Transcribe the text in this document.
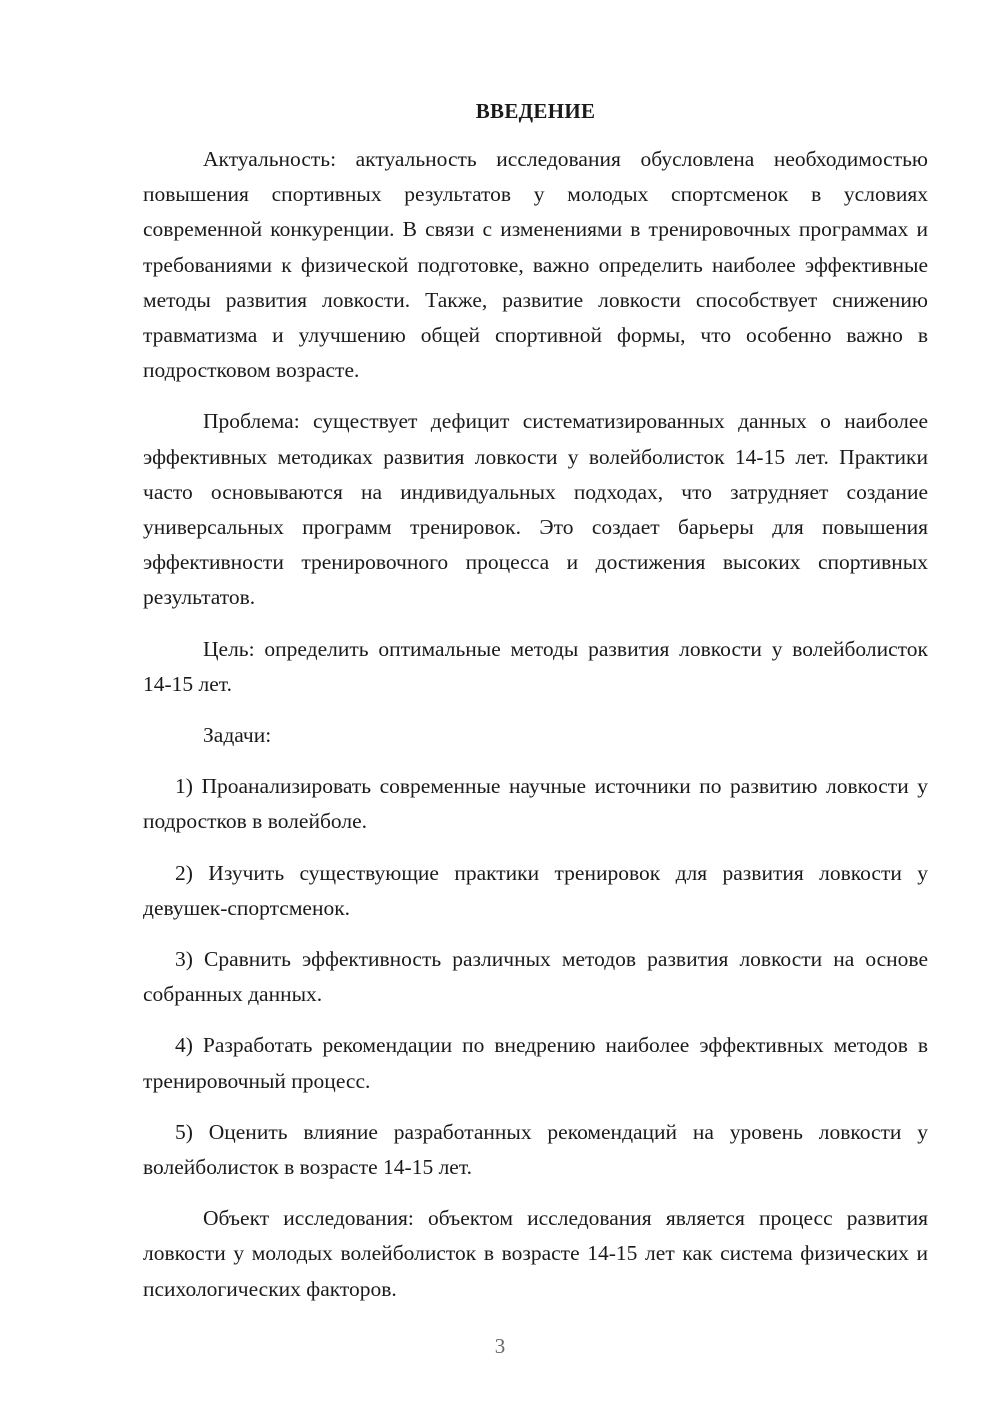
ВВЕДЕНИЕ

Актуальность: актуальность исследования обусловлена необходимостью повышения спортивных результатов у молодых спортсменок в условиях современной конкуренции. В связи с изменениями в тренировочных программах и требованиями к физической подготовке, важно определить наиболее эффективные методы развития ловкости. Также, развитие ловкости способствует снижению травматизма и улучшению общей спортивной формы, что особенно важно в подростковом возрасте.

Проблема: существует дефицит систематизированных данных о наиболее эффективных методиках развития ловкости у волейболисток 14-15 лет. Практики часто основываются на индивидуальных подходах, что затрудняет создание универсальных программ тренировок. Это создает барьеры для повышения эффективности тренировочного процесса и достижения высоких спортивных результатов.

Цель: определить оптимальные методы развития ловкости у волейболисток 14-15 лет.

Задачи:

1) Проанализировать современные научные источники по развитию ловкости у подростков в волейболе.

2) Изучить существующие практики тренировок для развития ловкости у девушек-спортсменок.

3) Сравнить эффективность различных методов развития ловкости на основе собранных данных.

4) Разработать рекомендации по внедрению наиболее эффективных методов в тренировочный процесс.

5) Оценить влияние разработанных рекомендаций на уровень ловкости у волейболисток в возрасте 14-15 лет.

Объект исследования: объектом исследования является процесс развития ловкости у молодых волейболисток в возрасте 14-15 лет как система физических и психологических факторов.

3
